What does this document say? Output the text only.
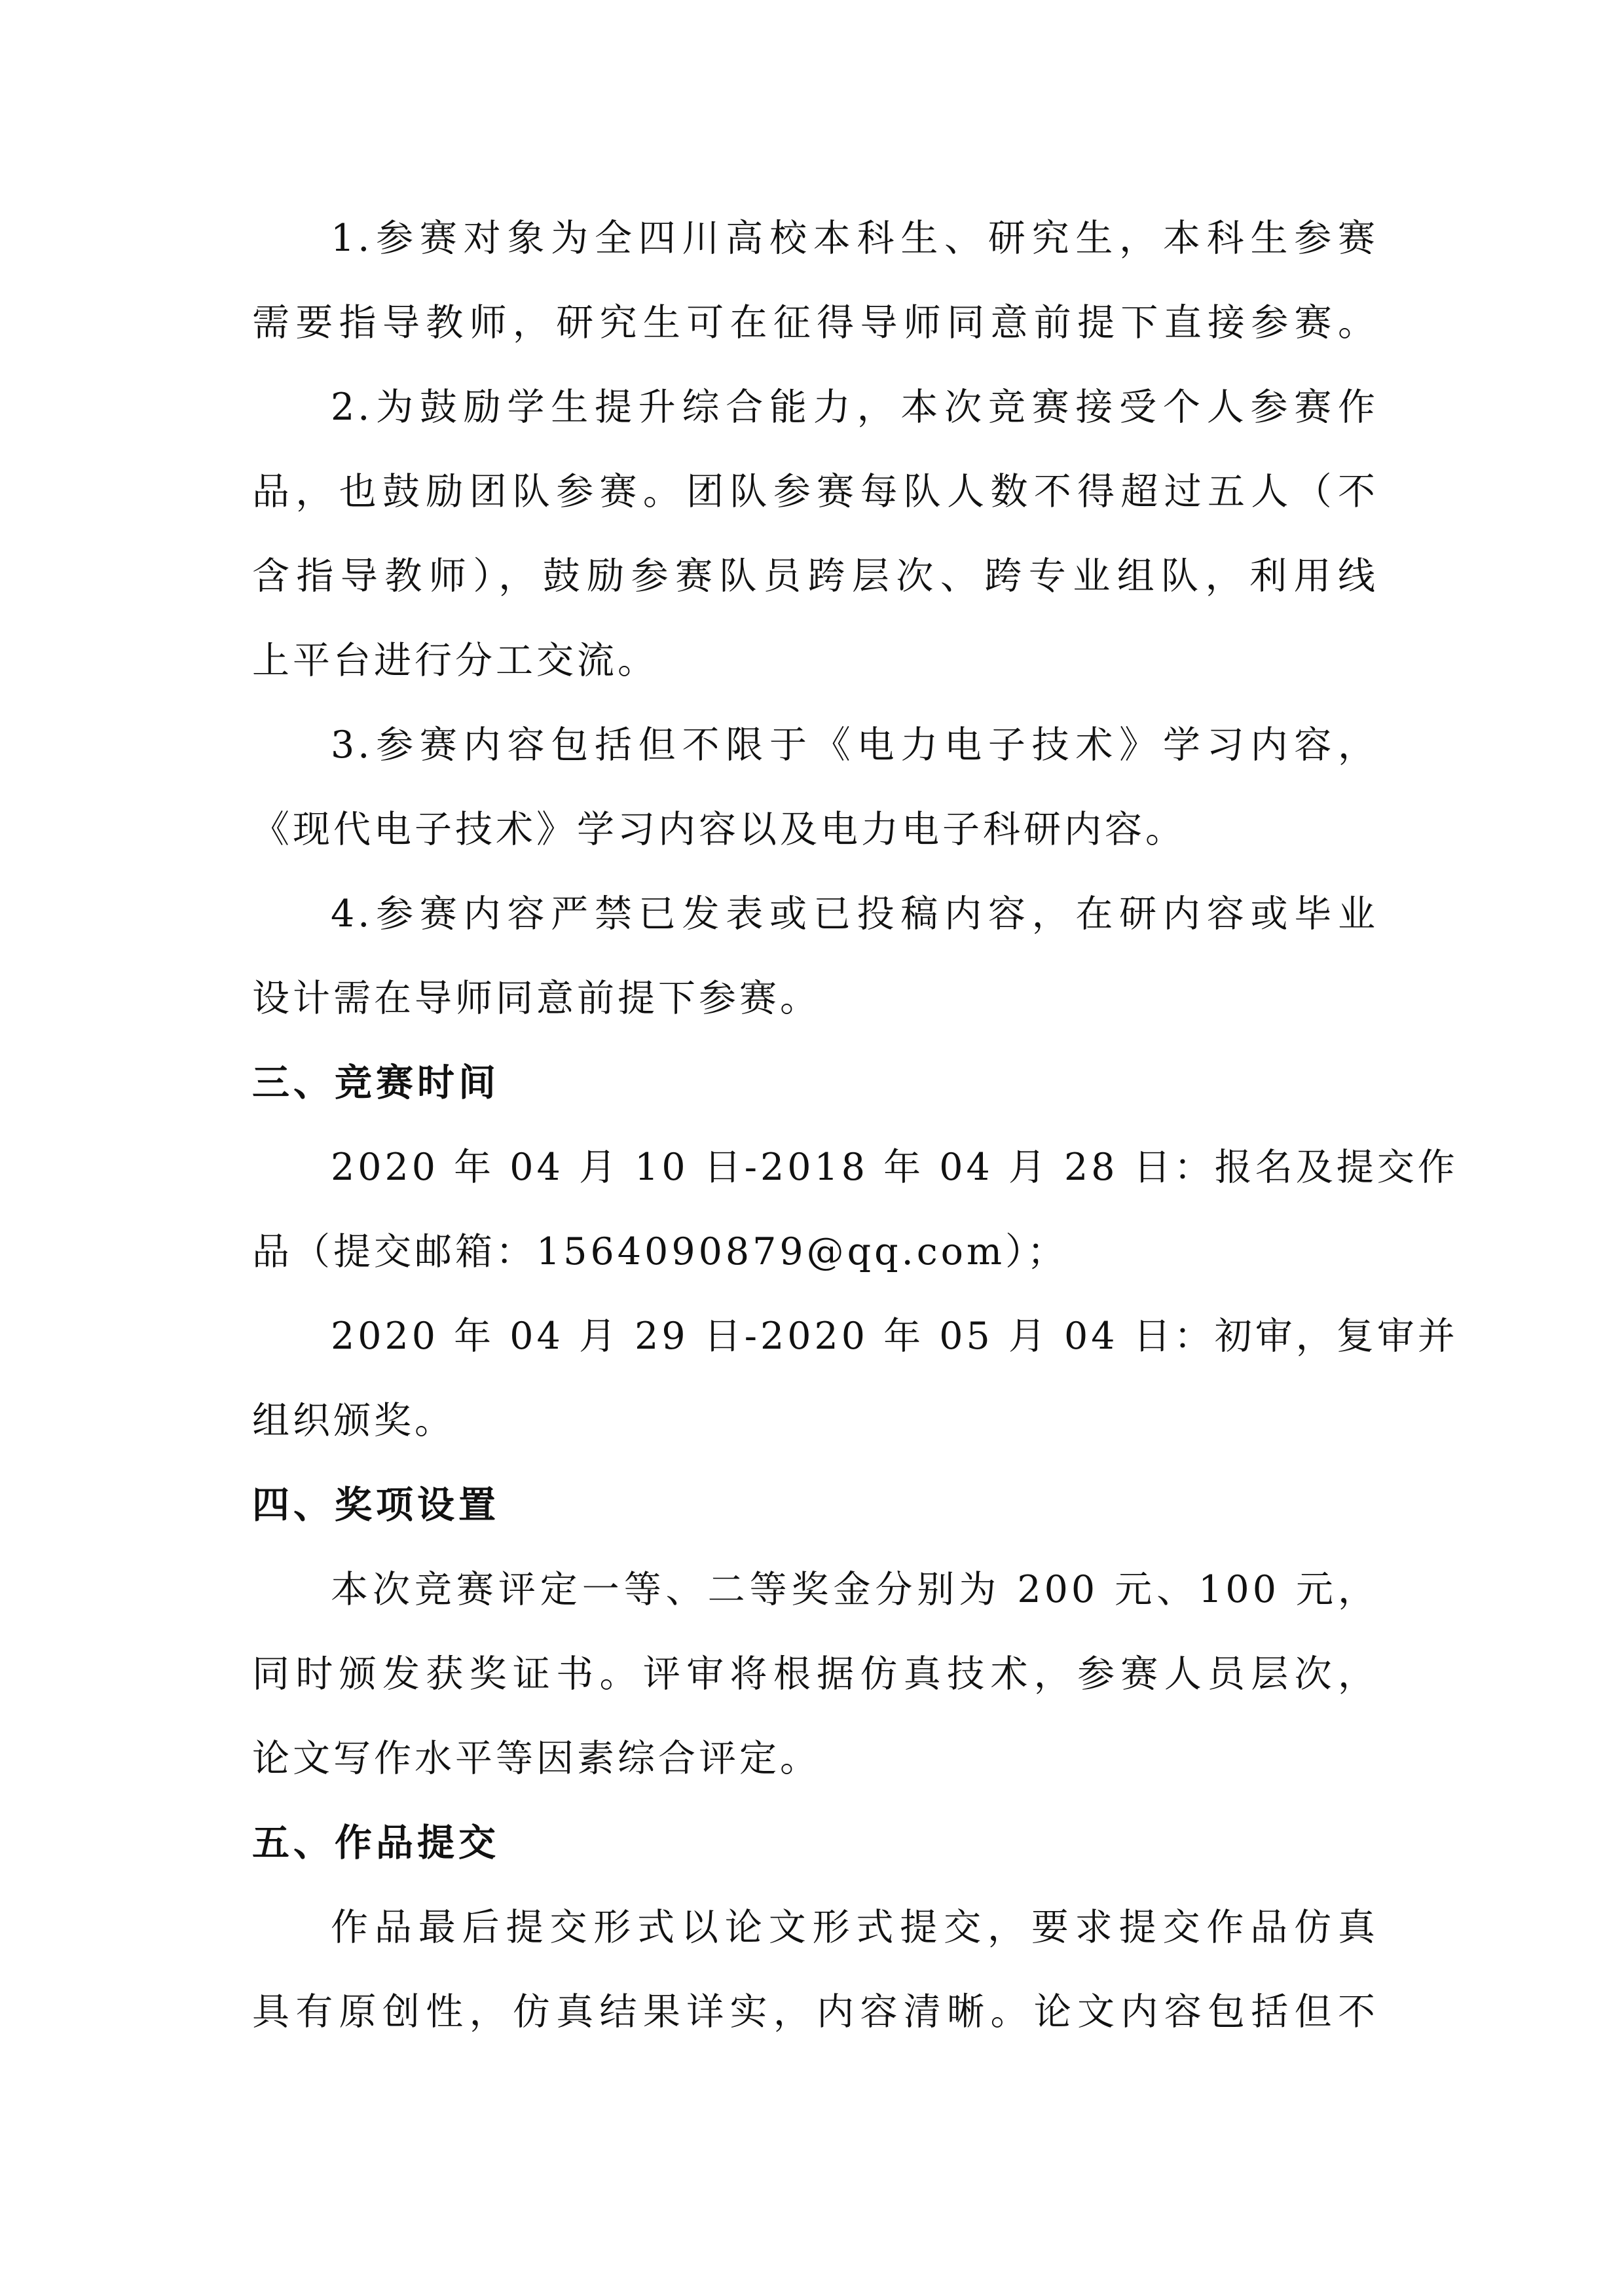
1.参赛对象为全四川高校本科生、研究生，本科生参赛
需要指导教师，研究生可在征得导师同意前提下直接参赛。
2.为鼓励学生提升综合能力，本次竞赛接受个人参赛作
品，也鼓励团队参赛。团队参赛每队人数不得超过五人（不
含指导教师），鼓励参赛队员跨层次、跨专业组队，利用线
上平台进行分工交流。
3.参赛内容包括但不限于《电力电子技术》学习内容，
《现代电子技术》学习内容以及电力电子科研内容。
4.参赛内容严禁已发表或已投稿内容，在研内容或毕业
设计需在导师同意前提下参赛。
三、竞赛时间
2020 年 04 月 10 日-2018 年 04 月 28 日：报名及提交作
品（提交邮箱：1564090879@qq.com）；
2020 年 04 月 29 日-2020 年 05 月 04 日：初审，复审并
组织颁奖。
四、奖项设置
本次竞赛评定一等、二等奖金分别为 200 元、100 元，
同时颁发获奖证书。评审将根据仿真技术，参赛人员层次，
论文写作水平等因素综合评定。
五、作品提交
作品最后提交形式以论文形式提交，要求提交作品仿真
具有原创性，仿真结果详实，内容清晰。论文内容包括但不
